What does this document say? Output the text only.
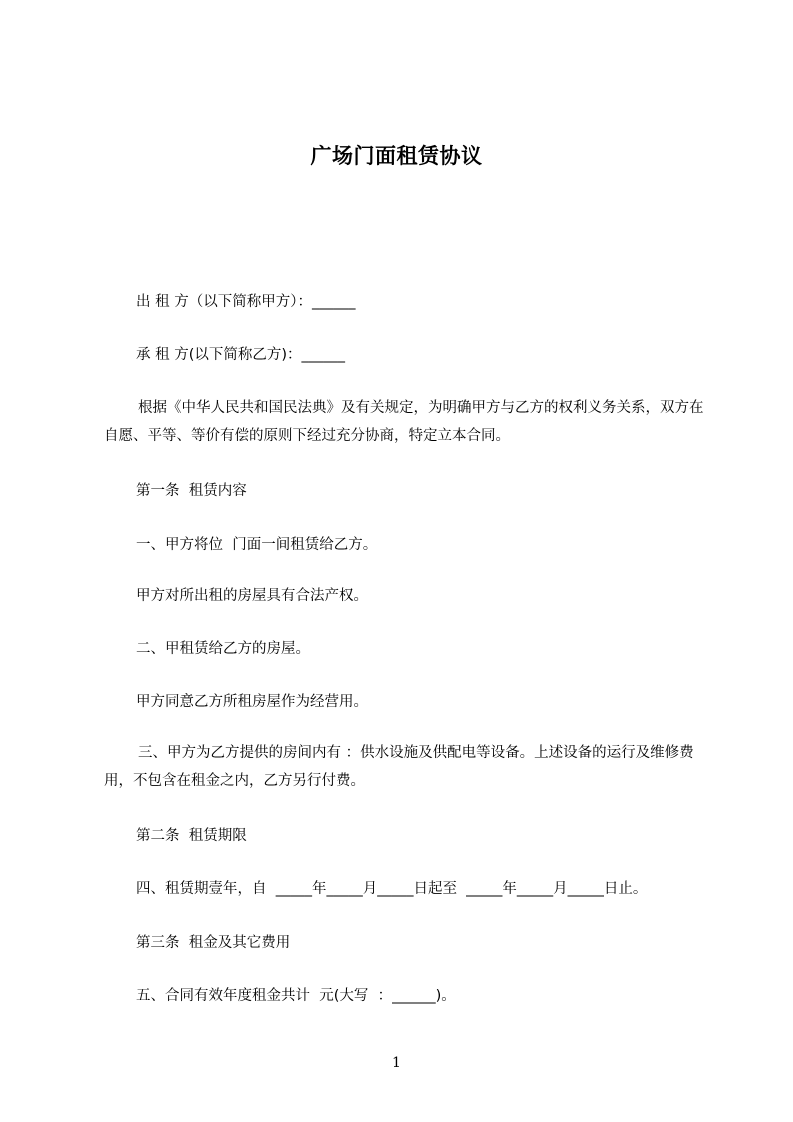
广场门面租赁协议
出 租 方（以下简称甲方）：______
承 租 方(以下简称乙方)：______
根据《中华人民共和国民法典》及有关规定，为明确甲方与乙方的权利义务关系，双方在自愿、平等、等价有偿的原则下经过充分协商，特定立本合同。
第一条  租赁内容
一、甲方将位  门面一间租赁给乙方。
甲方对所出租的房屋具有合法产权。
二、甲租赁给乙方的房屋。
甲方同意乙方所租房屋作为经营用。
三、甲方为乙方提供的房间内有 ：供水设施及供配电等设备。上述设备的运行及维修费用，不包含在租金之内，乙方另行付费。
第二条  租赁期限
四、租赁期壹年，自  _____年_____月_____日起至  _____年_____月_____日止。
第三条  租金及其它费用
五、合同有效年度租金共计  元(大写  ：______)。
1
